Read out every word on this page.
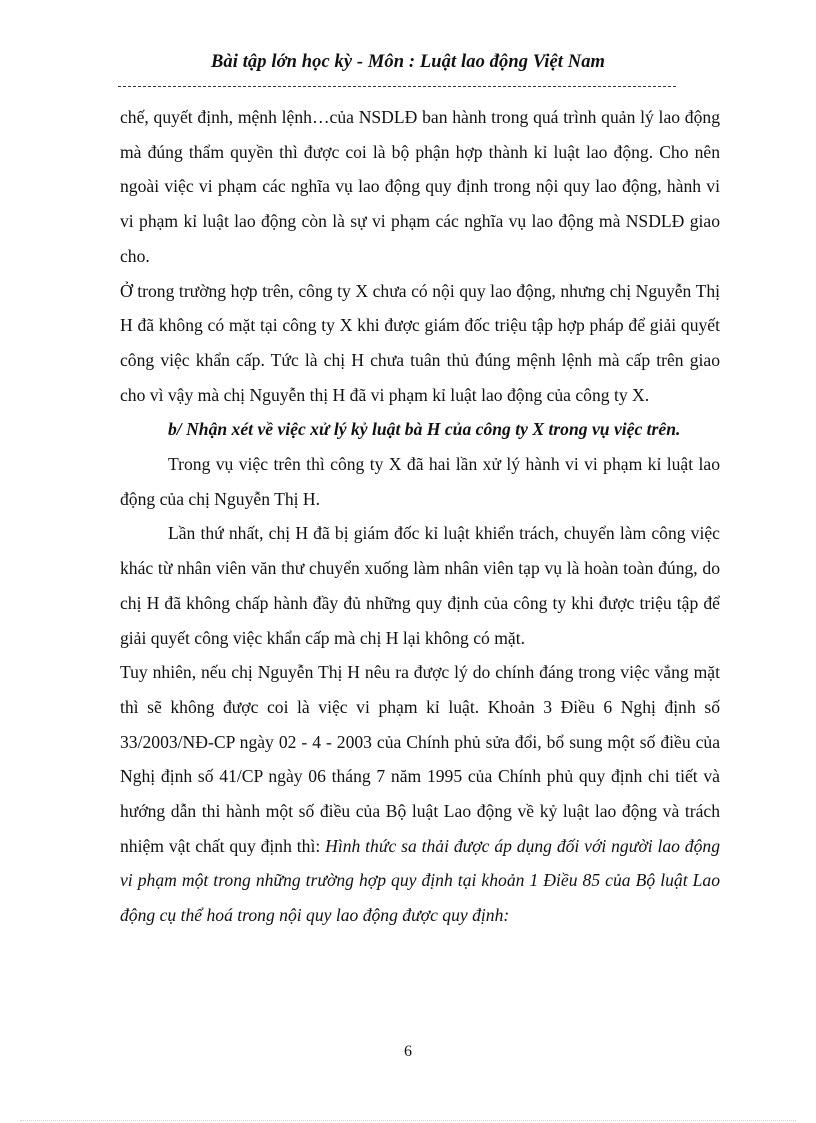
Bài tập lớn học kỳ - Môn : Luật lao động Việt Nam

chế, quyết định, mệnh lệnh…của NSDLĐ ban hành trong quá trình quản lý lao động mà đúng thẩm quyền thì được coi là bộ phận hợp thành kỉ luật lao động. Cho nên ngoài việc vi phạm các nghĩa vụ lao động quy định trong nội quy lao động, hành vi vi phạm kỉ luật lao động còn là sự vi phạm các nghĩa vụ lao động mà NSDLĐ giao cho.

Ở trong trường hợp trên, công ty X chưa có nội quy lao động, nhưng chị Nguyễn Thị H đã không có mặt tại công ty X khi được giám đốc triệu tập hợp pháp để giải quyết công việc khẩn cấp. Tức là chị H chưa tuân thủ đúng mệnh lệnh mà cấp trên giao cho vì vậy mà chị Nguyễn thị H đã vi phạm kỉ luật lao động của công ty X.

b/ Nhận xét về việc xử lý kỷ luật bà H của công ty X trong vụ việc trên.

Trong vụ việc trên thì công ty X đã hai lần xử lý hành vi vi phạm kỉ luật lao động của chị Nguyễn Thị H.

Lần thứ nhất, chị H đã bị giám đốc kỉ luật khiển trách, chuyển làm công việc khác từ nhân viên văn thư chuyển xuống làm nhân viên tạp vụ là hoàn toàn đúng, do chị H đã không chấp hành đầy đủ những quy định của công ty khi được triệu tập để giải quyết công việc khẩn cấp mà chị H lại không có mặt.

Tuy nhiên, nếu chị Nguyễn Thị H nêu ra được lý do chính đáng trong việc vắng mặt thì sẽ không được coi là việc vi phạm kỉ luật. Khoản 3 Điều 6 Nghị định số 33/2003/NĐ-CP ngày 02 - 4 - 2003 của Chính phủ sửa đổi, bổ sung một số điều của Nghị định số 41/CP ngày 06 tháng 7 năm 1995 của Chính phủ quy định chi tiết và hướng dẫn thi hành một số điều của Bộ luật Lao động về kỷ luật lao động và trách nhiệm vật chất quy định thì: Hình thức sa thải được áp dụng đối với người lao động vi phạm một trong những trường hợp quy định tại khoản 1 Điều 85 của Bộ luật Lao động cụ thể hoá trong nội quy lao động được quy định:

6
